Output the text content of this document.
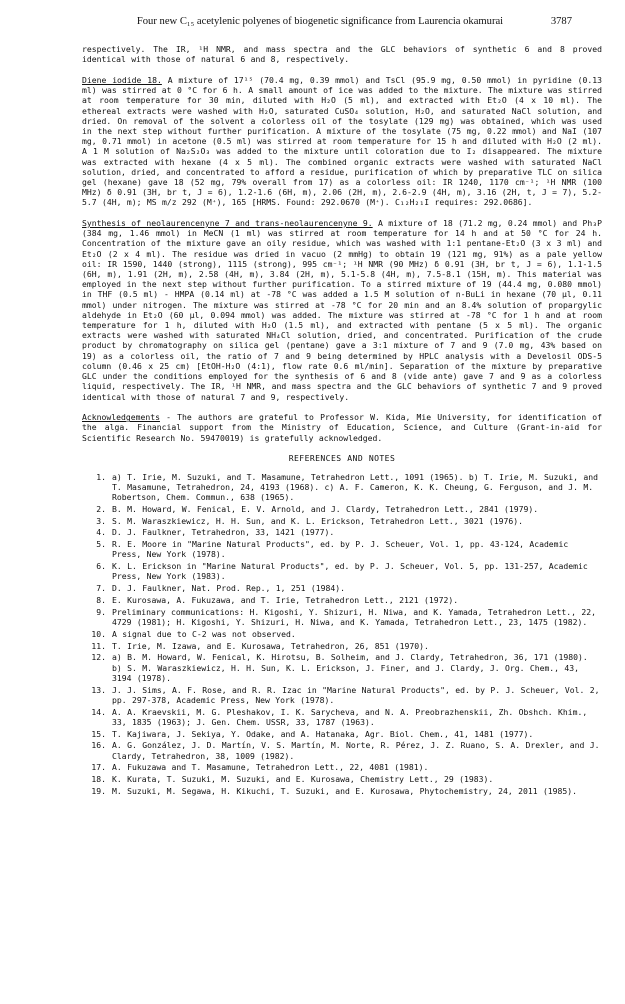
Four new C₁₅ acetylenic polyenes of biogenetic significance from Laurencia okamurai	3787

respectively. The IR, ¹H NMR, and mass spectra and the GLC behaviors of synthetic 6 and 8 proved identical with those of natural 6 and 8, respectively.

Diene iodide 18. A mixture of 17¹⁵ (70.4 mg, 0.39 mmol) and TsCl (95.9 mg, 0.50 mmol) in pyridine (0.13 ml) was stirred at 0 °C for 6 h. A small amount of ice was added to the mixture. The mixture was stirred at room temperature for 30 min, diluted with H₂O (5 ml), and extracted with Et₂O (4 x 10 ml). The ethereal extracts were washed with H₂O, saturated CuSO₄ solution, H₂O, and saturated NaCl solution, and dried. On removal of the solvent a colorless oil of the tosylate (129 mg) was obtained, which was used in the next step without further purification. A mixture of the tosylate (75 mg, 0.22 mmol) and NaI (107 mg, 0.71 mmol) in acetone (0.5 ml) was stirred at room temperature for 15 h and diluted with H₂O (2 ml). A 1 M solution of Na₂S₂O₃ was added to the mixture until coloration due to I₂ disappeared. The mixture was extracted with hexane (4 x 5 ml). The combined organic extracts were washed with saturated NaCl solution, dried, and concentrated to afford a residue, purification of which by preparative TLC on silica gel (hexane) gave 18 (52 mg, 79% overall from 17) as a colorless oil: IR 1240, 1170 cm⁻¹; ¹H NMR (100 MHz) δ 0.91 (3H, br t, J = 6), 1.2-1.6 (6H, m), 2.06 (2H, m), 2.6-2.9 (4H, m), 3.16 (2H, t, J = 7), 5.2-5.7 (4H, m); MS m/z 292 (M⁺), 165 [HRMS. Found: 292.0670 (M⁺). C₁₂H₂₁I requires: 292.0686].

Synthesis of neolaurencenyne 7 and trans-neolaurencenyne 9. A mixture of 18 (71.2 mg, 0.24 mmol) and Ph₃P (384 mg, 1.46 mmol) in MeCN (1 ml) was stirred at room temperature for 14 h and at 50 °C for 24 h. Concentration of the mixture gave an oily residue, which was washed with 1:1 pentane-Et₂O (3 x 3 ml) and Et₂O (2 x 4 ml). The residue was dried in vacuo (2 mmHg) to obtain 19 (121 mg, 91%) as a pale yellow oil: IR 1590, 1440 (strong), 1115 (strong), 995 cm⁻¹; ¹H NMR (90 MHz) δ 0.91 (3H, br t, J = 6), 1.1-1.5 (6H, m), 1.91 (2H, m), 2.58 (4H, m), 3.84 (2H, m), 5.1-5.8 (4H, m), 7.5-8.1 (15H, m). This material was employed in the next step without further purification. To a stirred mixture of 19 (44.4 mg, 0.080 mmol) in THF (0.5 ml) - HMPA (0.14 ml) at -78 °C was added a 1.5 M solution of n-BuLi in hexane (70 μl, 0.11 mmol) under nitrogen. The mixture was stirred at -78 °C for 20 min and an 8.4% solution of propargylic aldehyde in Et₂O (60 μl, 0.094 mmol) was added. The mixture was stirred at -78 °C for 1 h and at room temperature for 1 h, diluted with H₂O (1.5 ml), and extracted with pentane (5 x 5 ml). The organic extracts were washed with saturated NH₄Cl solution, dried, and concentrated. Purification of the crude product by chromatography on silica gel (pentane) gave a 3:1 mixture of 7 and 9 (7.0 mg, 43% based on 19) as a colorless oil, the ratio of 7 and 9 being determined by HPLC analysis with a Develosil ODS-5 column (0.46 x 25 cm) [EtOH-H₂O (4:1), flow rate 0.6 ml/min]. Separation of the mixture by preparative GLC under the conditions employed for the synthesis of 6 and 8 (vide ante) gave 7 and 9 as a colorless liquid, respectively. The IR, ¹H NMR, and mass spectra and the GLC behaviors of synthetic 7 and 9 proved identical with those of natural 7 and 9, respectively.

Acknowledgements - The authors are grateful to Professor W. Kida, Mie University, for identification of the alga. Financial support from the Ministry of Education, Science, and Culture (Grant-in-aid for Scientific Research No. 59470019) is gratefully acknowledged.

REFERENCES AND NOTES
1. a) T. Irie, M. Suzuki, and T. Masamune, Tetrahedron Lett., 1091 (1965). b) T. Irie, M. Suzuki, and T. Masamune, Tetrahedron, 24, 4193 (1968). c) A. F. Cameron, K. K. Cheung, G. Ferguson, and J. M. Robertson, Chem. Commun., 638 (1965).
2. B. M. Howard, W. Fenical, E. V. Arnold, and J. Clardy, Tetrahedron Lett., 2841 (1979).
3. S. M. Waraszkiewicz, H. H. Sun, and K. L. Erickson, Tetrahedron Lett., 3021 (1976).
4. D. J. Faulkner, Tetrahedron, 33, 1421 (1977).
5. R. E. Moore in "Marine Natural Products", ed. by P. J. Scheuer, Vol. 1, pp. 43-124, Academic Press, New York (1978).
6. K. L. Erickson in "Marine Natural Products", ed. by P. J. Scheuer, Vol. 5, pp. 131-257, Academic Press, New York (1983).
7. D. J. Faulkner, Nat. Prod. Rep., 1, 251 (1984).
8. E. Kurosawa, A. Fukuzawa, and T. Irie, Tetrahedron Lett., 2121 (1972).
9. Preliminary communications: H. Kigoshi, Y. Shizuri, H. Niwa, and K. Yamada, Tetrahedron Lett., 22, 4729 (1981); H. Kigoshi, Y. Shizuri, H. Niwa, and K. Yamada, Tetrahedron Lett., 23, 1475 (1982).
10. A signal due to C-2 was not observed.
11. T. Irie, M. Izawa, and E. Kurosawa, Tetrahedron, 26, 851 (1970).
12. a) B. M. Howard, W. Fenical, K. Hirotsu, B. Solheim, and J. Clardy, Tetrahedron, 36, 171 (1980). b) S. M. Waraszkiewicz, H. H. Sun, K. L. Erickson, J. Finer, and J. Clardy, J. Org. Chem., 43, 3194 (1978).
13. J. J. Sims, A. F. Rose, and R. R. Izac in "Marine Natural Products", ed. by P. J. Scheuer, Vol. 2, pp. 297-378, Academic Press, New York (1978).
14. A. A. Kraevskii, M. G. Pleshakov, I. K. Sarycheva, and N. A. Preobrazhenskii, Zh. Obshch. Khim., 33, 1835 (1963); J. Gen. Chem. USSR, 33, 1787 (1963).
15. T. Kajiwara, J. Sekiya, Y. Odake, and A. Hatanaka, Agr. Biol. Chem., 41, 1481 (1977).
16. A. G. González, J. D. Martín, V. S. Martín, M. Norte, R. Pérez, J. Z. Ruano, S. A. Drexler, and J. Clardy, Tetrahedron, 38, 1009 (1982).
17. A. Fukuzawa and T. Masamune, Tetrahedron Lett., 22, 4081 (1981).
18. K. Kurata, T. Suzuki, M. Suzuki, and E. Kurosawa, Chemistry Lett., 29 (1983).
19. M. Suzuki, M. Segawa, H. Kikuchi, T. Suzuki, and E. Kurosawa, Phytochemistry, 24, 2011 (1985).
